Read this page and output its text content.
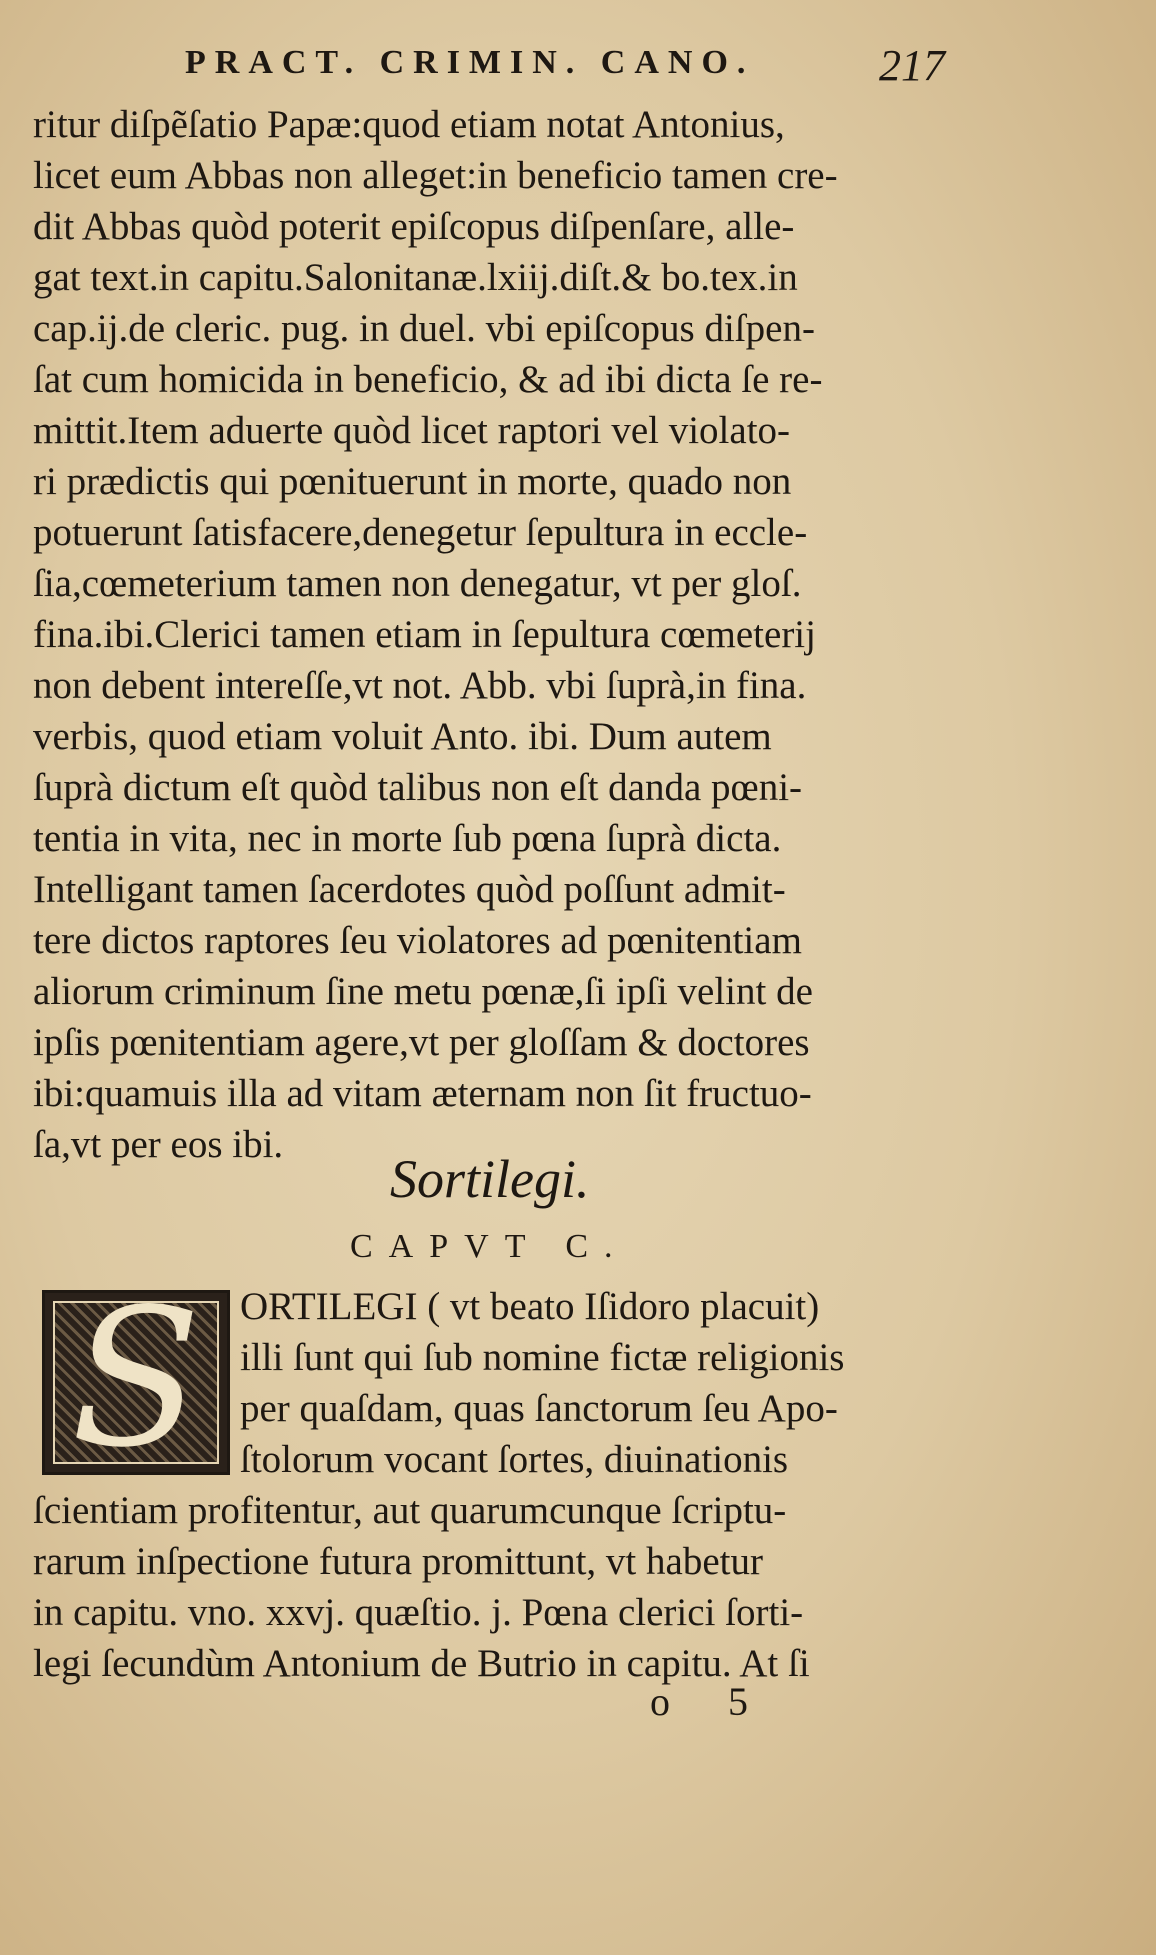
PRACT. CRIMIN. CANO.	217
ritur diſpẽſatio Papæ:quod etiam notat Antonius,
licet eum Abbas non alleget:in beneficio tamen cre-
dit Abbas quòd poterit epiſcopus diſpenſare, alle-
gat text.in capitu.Salonitanæ.lxiij.diſt.& bo.tex.in
cap.ij.de cleric. pug. in duel. vbi epiſcopus diſpen-
ſat cum homicida in beneficio, & ad ibi dicta ſe re-
mittit.Item aduerte quòd licet raptori vel violato-
ri prædictis qui pœnituerunt in morte, quado non
potuerunt ſatisfacere,denegetur ſepultura in eccle-
ſia,cœmeterium tamen non denegatur, vt per gloſ.
fina.ibi.Clerici tamen etiam in ſepultura cœmeterij
non debent intereſſe,vt not. Abb. vbi ſuprà,in fina.
verbis, quod etiam voluit Anto. ibi. Dum autem
ſuprà dictum eſt quòd talibus non eſt danda pœni-
tentia in vita, nec in morte ſub pœna ſuprà dicta.
Intelligant tamen ſacerdotes quòd poſſunt admit-
tere dictos raptores ſeu violatores ad pœnitentiam
aliorum criminum ſine metu pœnæ,ſi ipſi velint de
ipſis pœnitentiam agere,vt per gloſſam & doctores
ibi:quamuis illa ad vitam æternam non ſit fructuo-
ſa,vt per eos ibi.
Sortilegi.
CAPVT C.
S ORTILEGI ( vt beato Iſidoro placuit)
illi ſunt qui ſub nomine fictæ religionis
per quaſdam, quas ſanctorum ſeu Apo-
ſtolorum vocant ſortes, diuinationis
ſcientiam profitentur, aut quarumcunque ſcriptu-
rarum inſpectione futura promittunt, vt habetur
in capitu. vno. xxvj. quæſtio. j. Pœna clerici ſorti-
legi ſecundùm Antonium de Butrio in capitu. At ſi
o 5
